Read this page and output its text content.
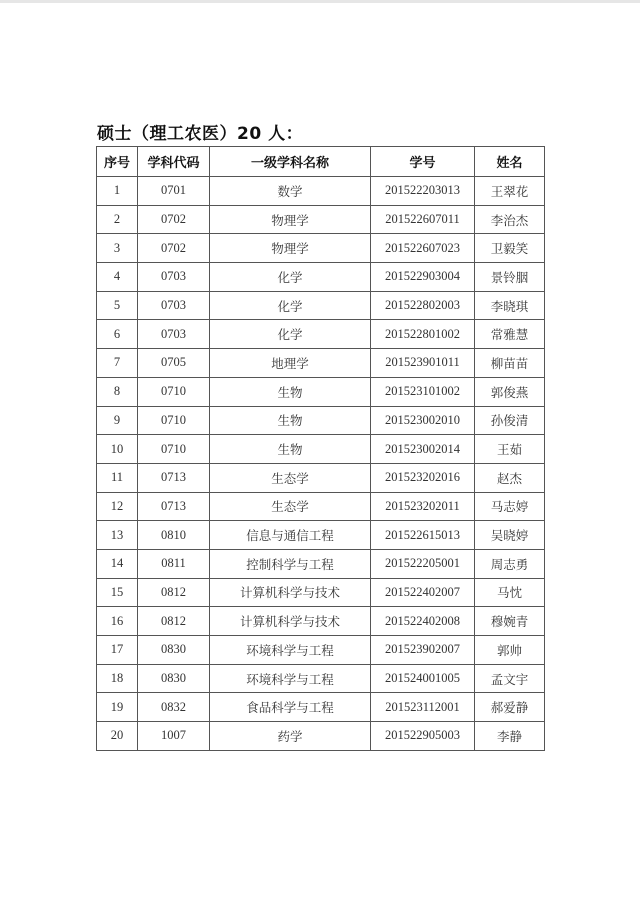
硕士（理工农医）20 人：
序号	学科代码	一级学科名称	学号	姓名
1	0701	数学	201522203013	王翠花
2	0702	物理学	201522607011	李治杰
3	0702	物理学	201522607023	卫毅笑
4	0703	化学	201522903004	景铃胭
5	0703	化学	201522802003	李晓琪
6	0703	化学	201522801002	常雅慧
7	0705	地理学	201523901011	柳苗苗
8	0710	生物	201523101002	郭俊燕
9	0710	生物	201523002010	孙俊清
10	0710	生物	201523002014	王茹
11	0713	生态学	201523202016	赵杰
12	0713	生态学	201523202011	马志婷
13	0810	信息与通信工程	201522615013	吴晓婷
14	0811	控制科学与工程	201522205001	周志勇
15	0812	计算机科学与技术	201522402007	马忱
16	0812	计算机科学与技术	201522402008	穆婉青
17	0830	环境科学与工程	201523902007	郭帅
18	0830	环境科学与工程	201524001005	孟文宇
19	0832	食品科学与工程	201523112001	郝爱静
20	1007	药学	201522905003	李静
